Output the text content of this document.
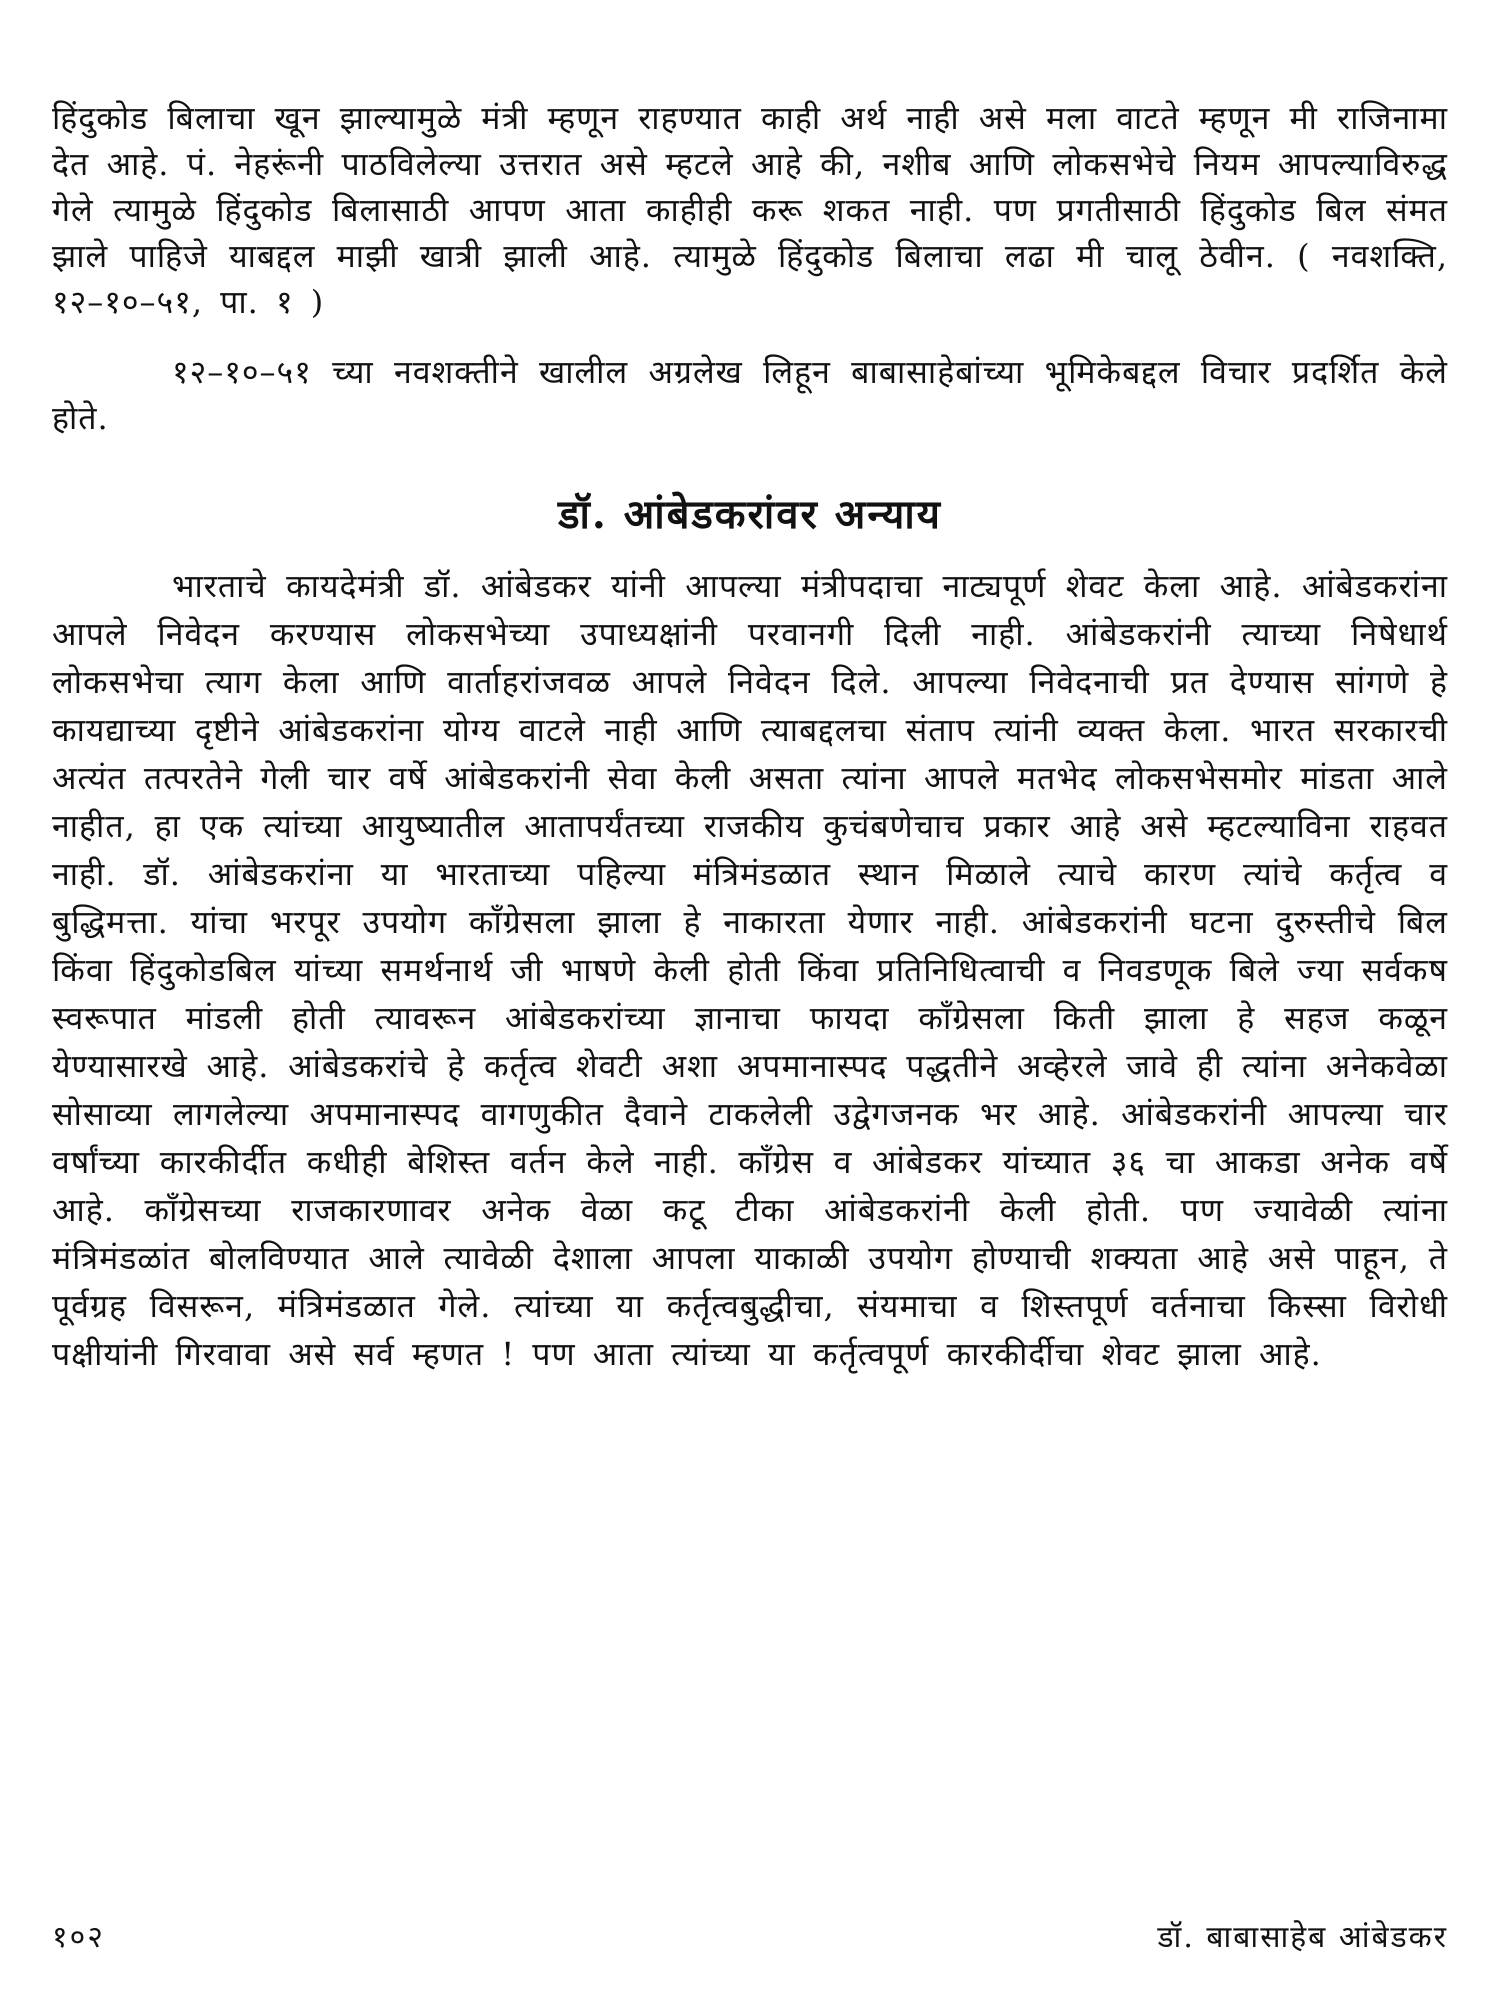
हिंदुकोड बिलाचा खून झाल्यामुळे मंत्री म्हणून राहण्यात काही अर्थ नाही असे मला वाटते म्हणून मी राजिनामा देत आहे. पं. नेहरूंनी पाठविलेल्या उत्तरात असे म्हटले आहे की, नशीब आणि लोकसभेचे नियम आपल्याविरुद्ध गेले त्यामुळे हिंदुकोड बिलासाठी आपण आता काहीही करू शकत नाही. पण प्रगतीसाठी हिंदुकोड बिल संमत झाले पाहिजे याबद्दल माझी खात्री झाली आहे. त्यामुळे हिंदुकोड बिलाचा लढा मी चालू ठेवीन. ( नवशक्ति, १२–१०–५१, पा. १ )

१२–१०–५१ च्या नवशक्तीने खालील अग्रलेख लिहून बाबासाहेबांच्या भूमिकेबद्दल विचार प्रदर्शित केले होते.

डॉ. आंबेडकरांवर अन्याय

भारताचे कायदेमंत्री डॉ. आंबेडकर यांनी आपल्या मंत्रीपदाचा नाट्यपूर्ण शेवट केला आहे. आंबेडकरांना आपले निवेदन करण्यास लोकसभेच्या उपाध्यक्षांनी परवानगी दिली नाही. आंबेडकरांनी त्याच्या निषेधार्थ लोकसभेचा त्याग केला आणि वार्ताहरांजवळ आपले निवेदन दिले. आपल्या निवेदनाची प्रत देण्यास सांगणे हे कायद्याच्या दृष्टीने आंबेडकरांना योग्य वाटले नाही आणि त्याबद्दलचा संताप त्यांनी व्यक्त केला. भारत सरकारची अत्यंत तत्परतेने गेली चार वर्षे आंबेडकरांनी सेवा केली असता त्यांना आपले मतभेद लोकसभेसमोर मांडता आले नाहीत, हा एक त्यांच्या आयुष्यातील आतापर्यंतच्या राजकीय कुचंबणेचाच प्रकार आहे असे म्हटल्याविना राहवत नाही. डॉ. आंबेडकरांना या भारताच्या पहिल्या मंत्रिमंडळात स्थान मिळाले त्याचे कारण त्यांचे कर्तृत्व व बुद्धिमत्ता. यांचा भरपूर उपयोग काँग्रेसला झाला हे नाकारता येणार नाही. आंबेडकरांनी घटना दुरुस्तीचे बिल किंवा हिंदुकोडबिल यांच्या समर्थनार्थ जी भाषणे केली होती किंवा प्रतिनिधित्वाची व निवडणूक बिले ज्या सर्वकष स्वरूपात मांडली होती त्यावरून आंबेडकरांच्या ज्ञानाचा फायदा काँग्रेसला किती झाला हे सहज कळून येण्यासारखे आहे. आंबेडकरांचे हे कर्तृत्व शेवटी अशा अपमानास्पद पद्धतीने अव्हेरले जावे ही त्यांना अनेकवेळा सोसाव्या लागलेल्या अपमानास्पद वागणुकीत दैवाने टाकलेली उद्वेगजनक भर आहे. आंबेडकरांनी आपल्या चार वर्षांच्या कारकीर्दीत कधीही बेशिस्त वर्तन केले नाही. काँग्रेस व आंबेडकर यांच्यात ३६ चा आकडा अनेक वर्षे आहे. काँग्रेसच्या राजकारणावर अनेक वेळा कटू टीका आंबेडकरांनी केली होती. पण ज्यावेळी त्यांना मंत्रिमंडळांत बोलविण्यात आले त्यावेळी देशाला आपला याकाळी उपयोग होण्याची शक्यता आहे असे पाहून, ते पूर्वग्रह विसरून, मंत्रिमंडळात गेले. त्यांच्या या कर्तृत्वबुद्धीचा, संयमाचा व शिस्तपूर्ण वर्तनाचा किस्सा विरोधी पक्षीयांनी गिरवावा असे सर्व म्हणत ! पण आता त्यांच्या या कर्तृत्वपूर्ण कारकीर्दीचा शेवट झाला आहे.

१०२	डॉ. बाबासाहेब आंबेडकर
